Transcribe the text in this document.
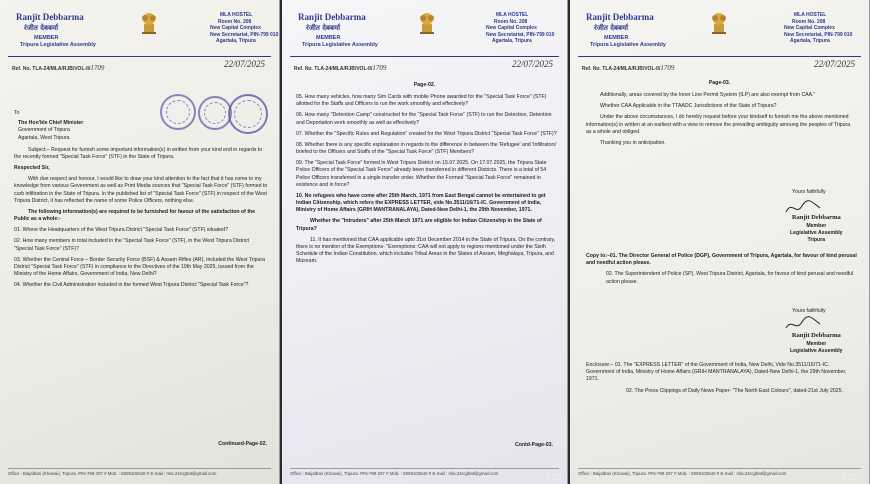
Ranjit Debbarma
रंजीत देबबर्मा
MEMBER
Tripura Legislative Assembly
MLA HOSTEL
Room No. 208
New Capital Complex
New Secretariat, PIN-799 010
Agartala, Tripura
Ref. No. TLA-24/MLA/RJB/VOL-II/1709	22/07/2025
To
The Hon'ble Chief Minister
Government of Tripura
Agartala, West Tripura

Subject:– Request for furnish some important information(s) in written from your kind end in regards to the recently formed "Special Task Force" (STF) in the State of Tripura.

Respected Sir,

With due respect and honour, I would like to draw your kind attention to the fact that it has come to my knowledge from various Government as well as Print Media sources that "Special Task Force" (STF) formed to curb infiltration in the State of Tripura. In the published list of "Special Task Force" (STF) in respect of the West Tripura District, it has reflected the name of some Police Officers, nothing else.

The following information(s) are required to be furnished for favour of the satisfaction of the Public as a whole:-

01. Where the Headquarters of the West Tripura District "Special Task Force" (STF) situated?

02. How many members in total included in the "Special Task Force" (STF), in the West Tripura District "Special Task Force" (STF)?

03. Whether the Central Force – Border Security Force (BSF) & Assam Rifles (AR), included the West Tripura District "Special Task Force" (STF) in compliance to the Directives of the 19th May 2025, issued from the Ministry of the Home Affairs, Government of India, New Delhi?

04. Whether the Civil Administration included in the formed West Tripura District "Special Task Force"?

Continued-Page-02.
Office : Baijalbari (Khowai), Tripura. PIN-799 207 # Mob. : 6009102640 # E-mail : mla.24rcghat@gmail.com
Ranjit Debbarma
रंजीत देबबर्मा
MEMBER
Tripura Legislative Assembly
MLA HOSTEL
Room No. 208
New Capital Complex
New Secretariat, PIN-799 010
Agartala, Tripura
Ref. No. TLA-24/MLA/RJB/VOL-II/1709	22/07/2025
Page-02.

05. How many vehicles, how many Sim Cards with mobile Phone awarded for the "Special Task Force" (STF) allotted for the Staffs and Officers to run the work smoothly and effectively?

06. How many "Detention Camp" constructed for the "Special Task Force" (STF) to run the Detection, Detention and Deportation work smoothly as well as effectively?

07. Whether the "Specific Rules and Regulation" created for the West Tripura District "Special Task Force" (STF)?

08. Whether there is any specific explanation in regards to the difference in between the 'Refugee' and 'Infiltrators' briefed to the Officers and Staffs of the "Special Task Force" (STF) Members?

09. The "Special Task Force" formed in West Tripura District on 15.07.2025. On 17.07.2025, the Tripura State Police Officers of the "Special Task Force" already been transferred in different Districts. There is a total of 54 Police Officers transferred in a single transfer order. Whether the Formed "Special Task Force" remained in existence and in force?

10. No refugees who have come after 25th March, 1971 from East Bengal cannot be entertained to get Indian Citizenship, which refers the EXPRESS LETTER, vide No.3511/16/71-IC. Government of India, Ministry of Home Affairs (GRIH MANTRANALAYA), Dated-New Delhi-1, the 29th November, 1971.

Whether the "Intruders" after 25th March 1971 are eligible for Indian Citizenship in the State of Tripura?

11. It has mentioned that CAA applicable upto 31st December 2014 in the State of Tripura. On the contrary, there is no mention of the Exemptions- "Exemptions: CAA will not apply to regions mentioned under the Sixth Schedule of the Indian Constitution, which includes Tribal Areas in the States of Assam, Meghalaya, Tripura, and Mizoram.

Contd-Page-03.
Office : Baijalbari (Khowai), Tripura. PIN-799 207 # Mob. : 6009102640 # E-mail : mla.24rcghat@gmail.com	8:32
Ranjit Debbarma
रंजीत देबबर्मा
MEMBER
Tripura Legislative Assembly
MLA HOSTEL
Room No. 208
New Capital Complex
New Secretariat, PIN-799 010
Agartala, Tripura
Ref. No. TLA-24/MLA/RJB/VOL-II/1709	22/07/2025
Page-03.

Additionally, areas covered by the Inner Line Permit System (ILP) are also exempt from CAA."

Whether CAA Applicable in the TTAADC Jurisdictions of the State of Tripura?

Under the above circumstances, I do hereby request before your kindself to furnish me the above mentioned information(s) in written at an earliest with a view to remove the prevailing ambiguity amoung the peoples of Tripura as a whole and obliged.

Thanking you in anticipation.

Yours faithfully
Ranjit Debbarma
Member
Legislative Assembly
Tripura

Copy to:–01. The Director General of Police (DGP), Government of Tripura, Agartala, for favour of kind perusal and needful action please.

02. The Superintendent of Police (SP), West Tripura District, Agartala, for favour of kind perusal and needful action please.

Yours faithfully
Ranjit Debbarma
Member
Legislative Assembly

Enclosure:– 01. The "EXPRESS LETTER" of the Government of India, New Delhi, Vide No.3511/16/71-IC. Government of India, Ministry of Home Affairs (GRIH MANTRANALAYA), Dated-New Delhi-1, the 29th November, 1971.

02. The Press Clippings of Daily News Paper- "The North East Colours", dated-21st July 2025.

Office : Baijalbari (Khowai), Tripura. PIN-799 207 # Mob. : 6009102640 # E-mail : mla.24rcghat@gmail.com	8:32
